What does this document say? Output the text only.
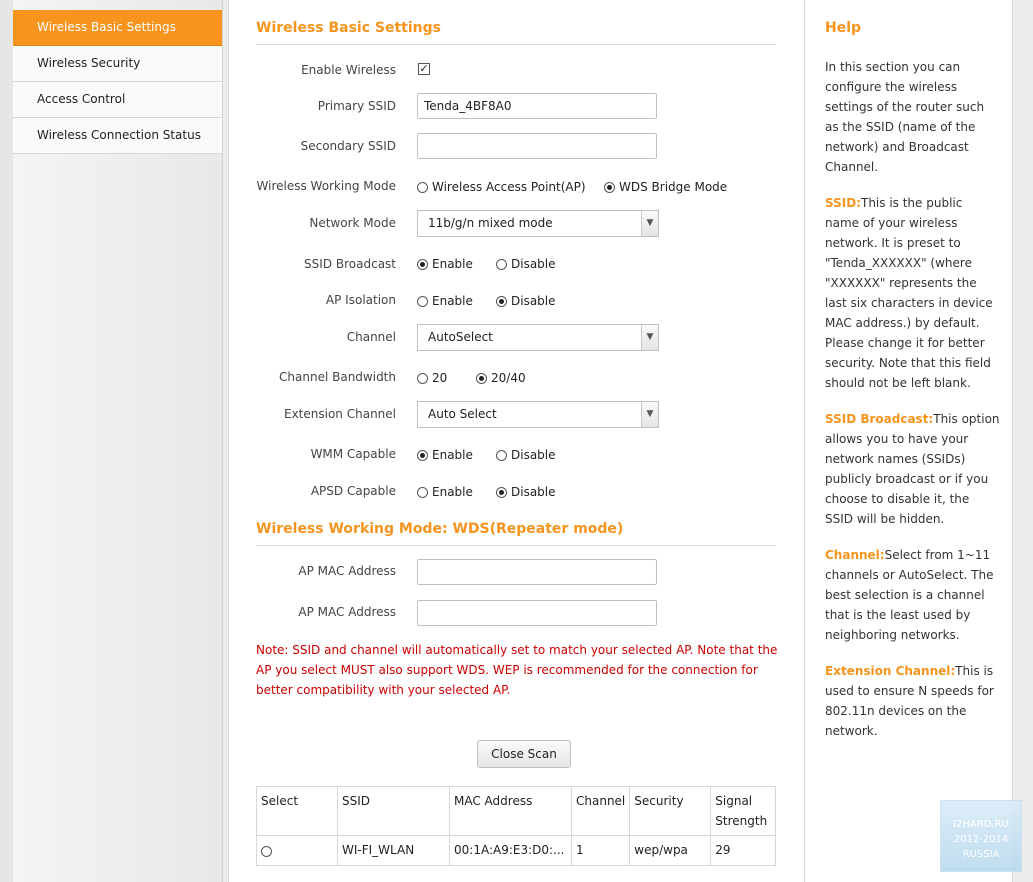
Wireless Basic Settings
Wireless Security
Access Control
Wireless Connection Status
Wireless Basic Settings
Enable Wireless ✓
Primary SSID	Tenda_4BF8A0
Secondary SSID
Wireless Working Mode	Wireless Access Point(AP)	WDS Bridge Mode
Network Mode	11b/g/n mixed mode	▼
SSID Broadcast	Enable	Disable
AP Isolation	Enable	Disable
Channel	AutoSelect	▼
Channel Bandwidth	20	20/40
Extension Channel	Auto Select	▼
WMM Capable	Enable	Disable
APSD Capable	Enable	Disable
Wireless Working Mode: WDS(Repeater mode)
AP MAC Address
AP MAC Address
Note: SSID and channel will automatically set to match your selected AP. Note that the AP you select MUST also support WDS. WEP is recommended for the connection for better compatibility with your selected AP.
Close Scan
Select	SSID	MAC Address	Channel	Security	Signal Strength
	WI-FI_WLAN	00:1A:A9:E3:D0:...	1	wep/wpa	29
Help

In this section you can configure the wireless settings of the router such as the SSID (name of the network) and Broadcast Channel.

SSID:This is the public name of your wireless network. It is preset to "Tenda_XXXXXX" (where "XXXXXX" represents the last six characters in device MAC address.) by default. Please change it for better security. Note that this field should not be left blank.

SSID Broadcast:This option allows you to have your network names (SSIDs) publicly broadcast or if you choose to disable it, the SSID will be hidden.

Channel:Select from 1~11 channels or AutoSelect. The best selection is a channel that is the least used by neighboring networks.

Extension Channel:This is used to ensure N speeds for 802.11n devices on the network.

I2HARD.RU
2012-2014
RUSSIA
